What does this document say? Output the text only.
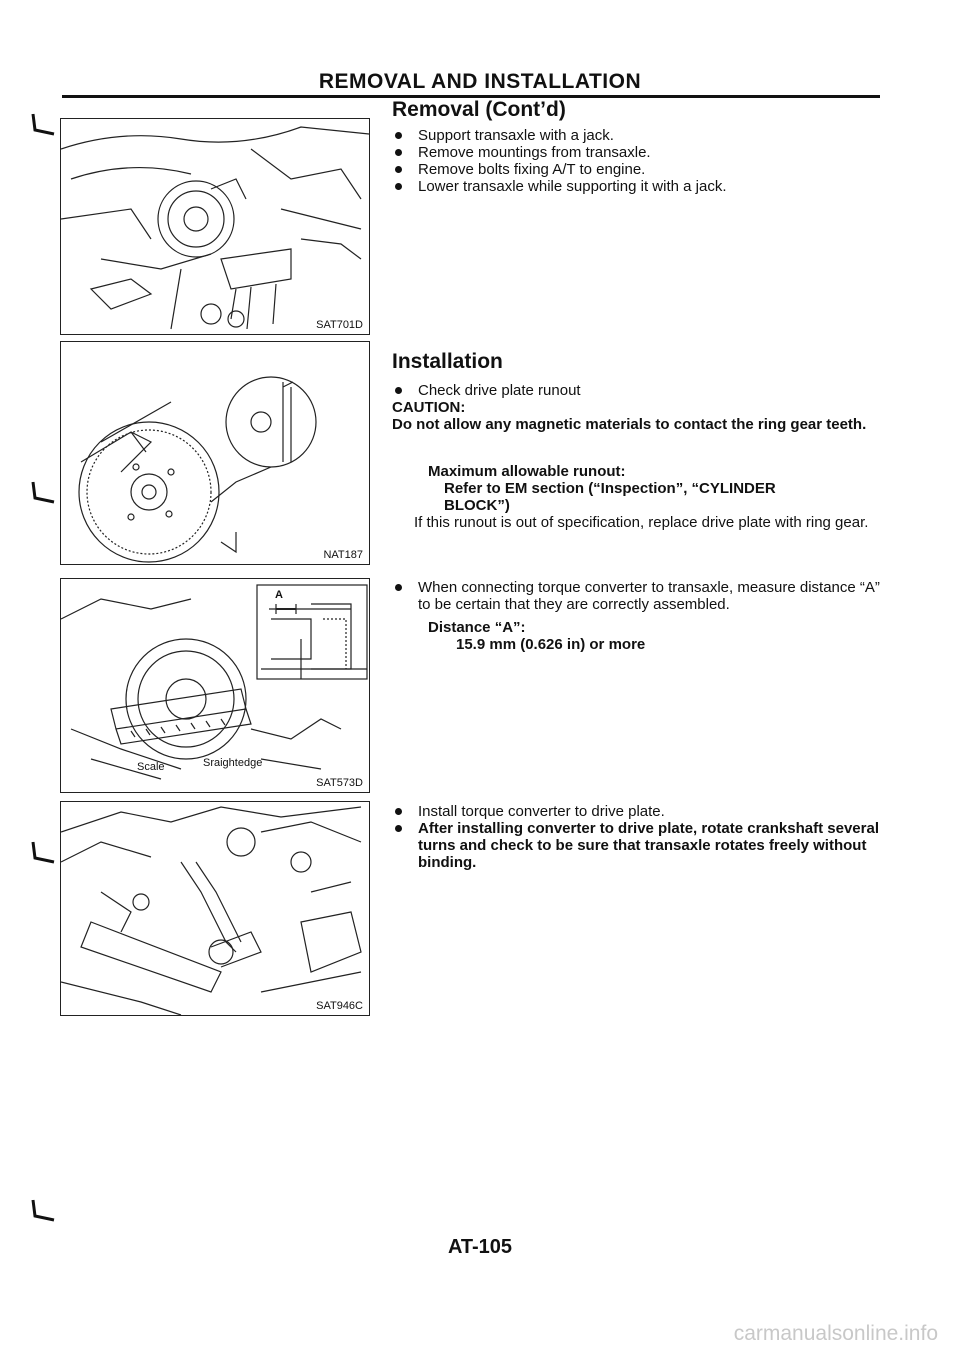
REMOVAL AND INSTALLATION
Removal (Cont’d)

Support transaxle with a jack.

Remove mountings from transaxle.

Remove bolts fixing A/T to engine.

Lower transaxle while supporting it with a jack.

Installation

Check drive plate runout

CAUTION:
Do not allow any magnetic materials to contact the ring gear teeth.
Maximum allowable runout:
Refer to EM section (“Inspection”, “CYLINDER
BLOCK”)
If this runout is out of specification, replace drive plate with ring gear.

When connecting torque converter to transaxle, measure distance “A” to be certain that they are correctly assembled.

Distance “A”:
15.9 mm (0.626 in) or more

Install torque converter to drive plate.

After installing converter to drive plate, rotate crankshaft several turns and check to be sure that transaxle rotates freely without binding.

SAT701D
NAT187
A
Scale	Sraightedge
SAT573D
SAT946C
AT-105
carmanualsonline.info
